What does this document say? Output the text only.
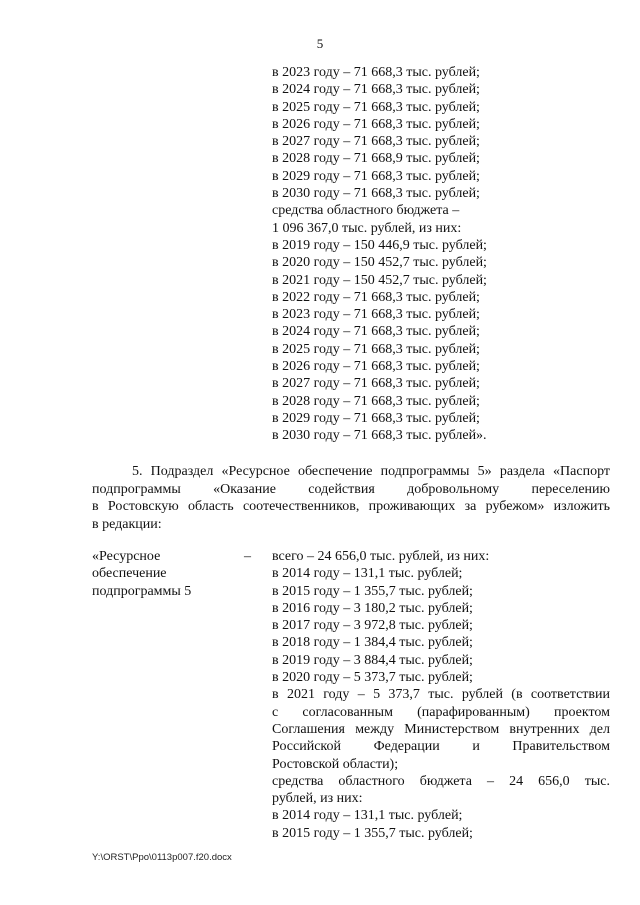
5
в 2023 году – 71 668,3 тыс. рублей;
в 2024 году – 71 668,3 тыс. рублей;
в 2025 году – 71 668,3 тыс. рублей;
в 2026 году – 71 668,3 тыс. рублей;
в 2027 году – 71 668,3 тыс. рублей;
в 2028 году – 71 668,9 тыс. рублей;
в 2029 году – 71 668,3 тыс. рублей;
в 2030 году – 71 668,3 тыс. рублей;
средства областного бюджета –
1 096 367,0 тыс. рублей, из них:
в 2019 году – 150 446,9 тыс. рублей;
в 2020 году – 150 452,7 тыс. рублей;
в 2021 году – 150 452,7 тыс. рублей;
в 2022 году – 71 668,3 тыс. рублей;
в 2023 году – 71 668,3 тыс. рублей;
в 2024 году – 71 668,3 тыс. рублей;
в 2025 году – 71 668,3 тыс. рублей;
в 2026 году – 71 668,3 тыс. рублей;
в 2027 году – 71 668,3 тыс. рублей;
в 2028 году – 71 668,3 тыс. рублей;
в 2029 году – 71 668,3 тыс. рублей;
в 2030 году – 71 668,3 тыс. рублей».
5. Подраздел «Ресурсное обеспечение подпрограммы 5» раздела «Паспорт
подпрограммы «Оказание содействия добровольному переселению
в Ростовскую область соотечественников, проживающих за рубежом» изложить
в редакции:
«Ресурсное
обеспечение
подпрограммы 5
– всего – 24 656,0 тыс. рублей, из них:
в 2014 году – 131,1 тыс. рублей;
в 2015 году – 1 355,7 тыс. рублей;
в 2016 году – 3 180,2 тыс. рублей;
в 2017 году – 3 972,8 тыс. рублей;
в 2018 году – 1 384,4 тыс. рублей;
в 2019 году – 3 884,4 тыс. рублей;
в 2020 году – 5 373,7 тыс. рублей;
в 2021 году – 5 373,7 тыс. рублей (в соответствии
с согласованным (парафированным) проектом
Соглашения между Министерством внутренних дел
Российской Федерации и Правительством
Ростовской области);
средства областного бюджета – 24 656,0 тыс.
рублей, из них:
в 2014 году – 131,1 тыс. рублей;
в 2015 году – 1 355,7 тыс. рублей;
Y:\ORST\Ppo\0113p007.f20.docx
